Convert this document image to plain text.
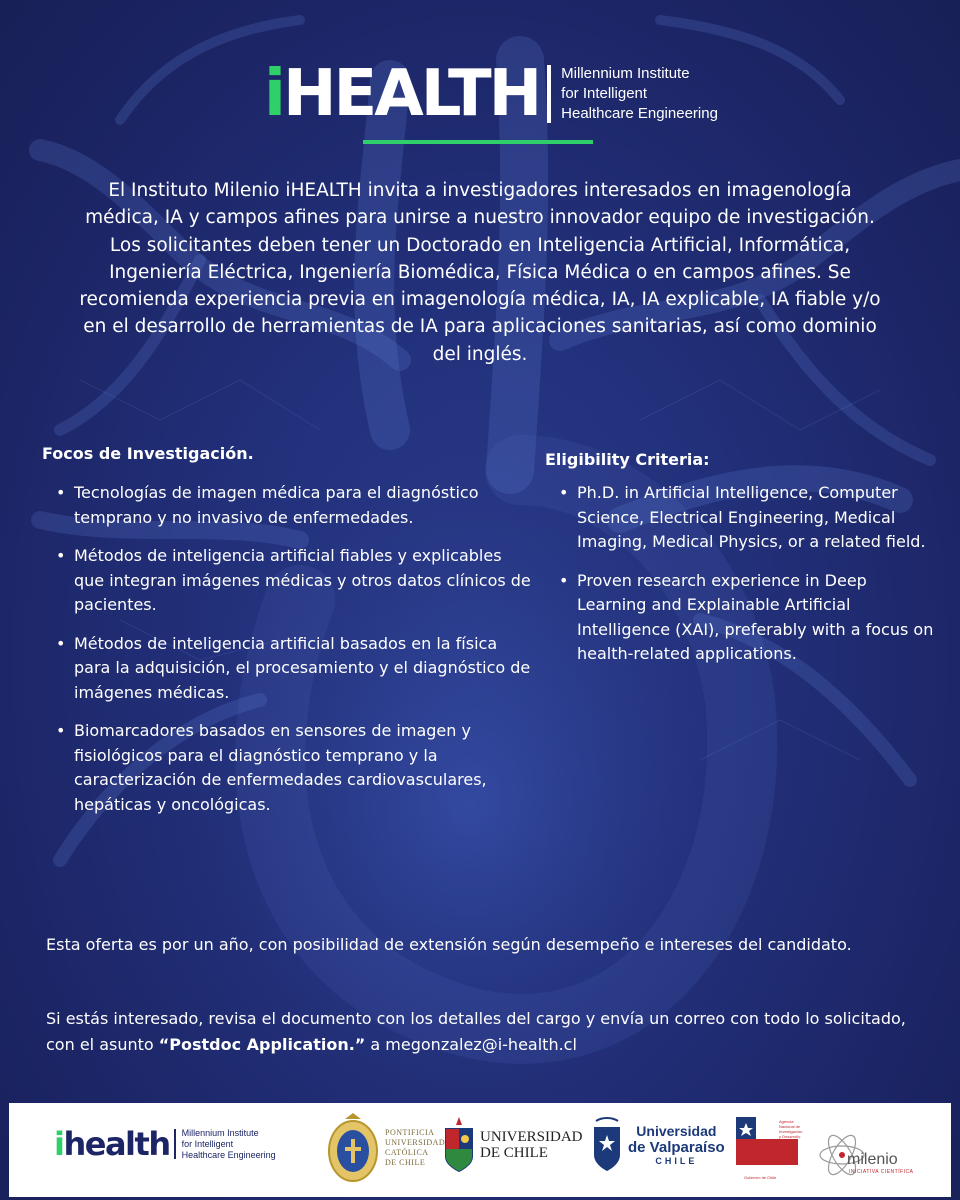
iHEALTH Millennium Institute
for Intelligent
Healthcare Engineering

El Instituto Milenio iHEALTH invita a investigadores interesados en imagenología médica, IA y campos afines para unirse a nuestro innovador equipo de investigación. Los solicitantes deben tener un Doctorado en Inteligencia Artificial, Informática, Ingeniería Eléctrica, Ingeniería Biomédica, Física Médica o en campos afines. Se recomienda experiencia previa en imagenología médica, IA, IA explicable, IA fiable y/o en el desarrollo de herramientas de IA para aplicaciones sanitarias, así como dominio del inglés.

Focos de Investigación.
• Tecnologías de imagen médica para el diagnóstico temprano y no invasivo de enfermedades.
• Métodos de inteligencia artificial fiables y explicables que integran imágenes médicas y otros datos clínicos de pacientes.
• Métodos de inteligencia artificial basados en la física para la adquisición, el procesamiento y el diagnóstico de imágenes médicas.
• Biomarcadores basados en sensores de imagen y fisiológicos para el diagnóstico temprano y la caracterización de enfermedades cardiovasculares, hepáticas y oncológicas.
Eligibility Criteria:
• Ph.D. in Artificial Intelligence, Computer Science, Electrical Engineering, Medical Imaging, Medical Physics, or a related field.
• Proven research experience in Deep Learning and Explainable Artificial Intelligence (XAI), preferably with a focus on health-related applications.

Esta oferta es por un año, con posibilidad de extensión según desempeño e intereses del candidato.

Si estás interesado, revisa el documento con los detalles del cargo y envía un correo con todo lo solicitado, con el asunto “Postdoc Application.” a megonzalez@i-health.cl

ihealth Millennium Institute
for Intelligent
Healthcare Engineering
PONTIFICIA
UNIVERSIDAD
CATÓLICA
DE CHILE
UNIVERSIDAD
DE CHILE
Universidad
de Valparaíso
CHILE
Agencia
Nacional de
Investigación
y Desarrollo
Gobierno de Chile
milenio
INICIATIVA CIENTÍFICA
